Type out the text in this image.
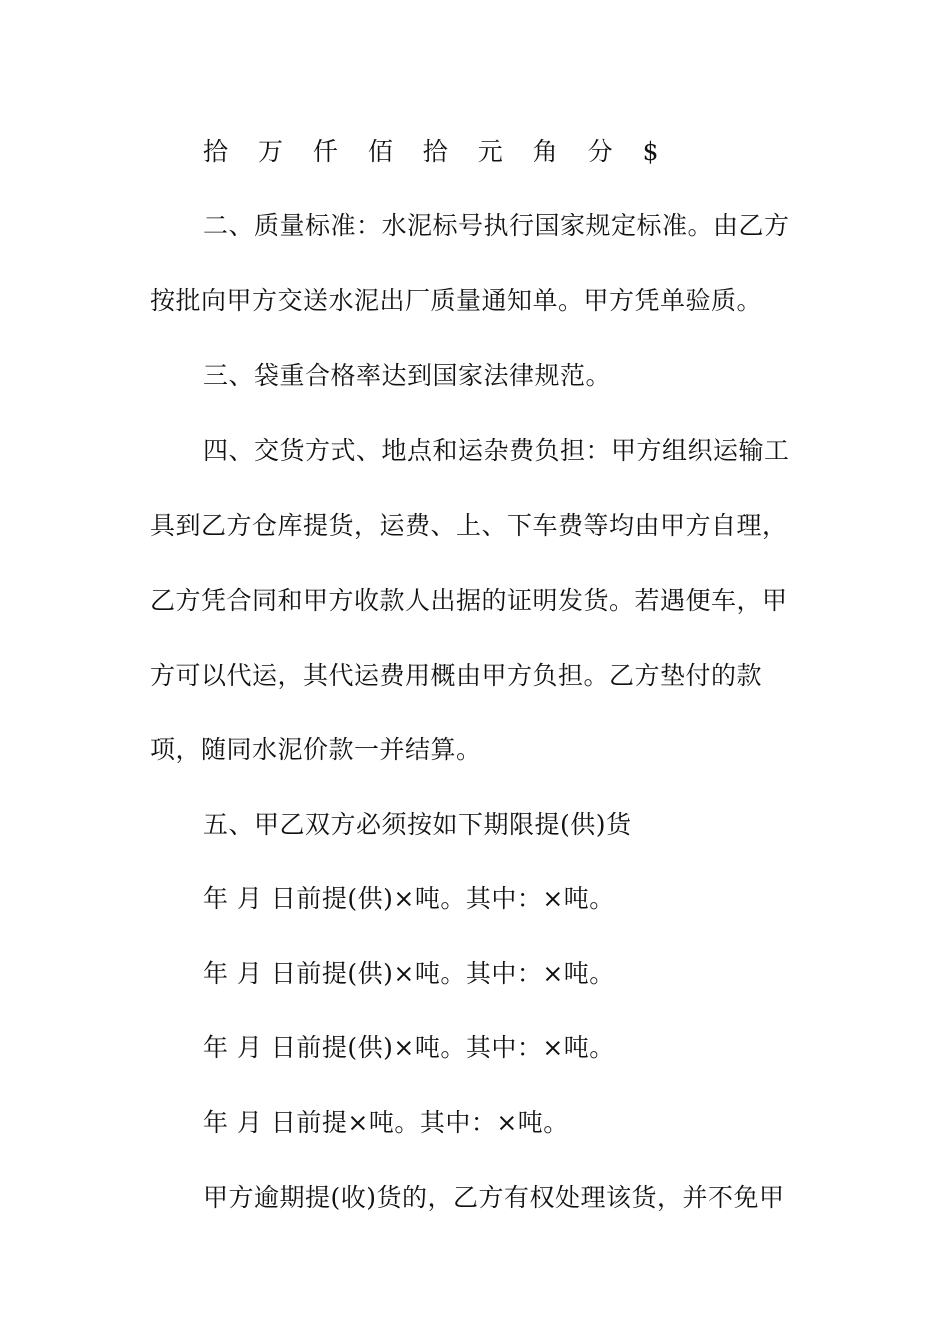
拾 万 仟 佰 拾 元 角 分 $
二、质量标准：水泥标号执行国家规定标准。由乙方
按批向甲方交送水泥出厂质量通知单。甲方凭单验质。
三、袋重合格率达到国家法律规范。
四、交货方式、地点和运杂费负担：甲方组织运输工
具到乙方仓库提货，运费、上、下车费等均由甲方自理，
乙方凭合同和甲方收款人出据的证明发货。若遇便车，甲
方可以代运，其代运费用概由甲方负担。乙方垫付的款
项，随同水泥价款一并结算。
五、甲乙双方必须按如下期限提(供)货
年 月 日前提(供)×吨。其中：×吨。
年 月 日前提(供)×吨。其中：×吨。
年 月 日前提(供)×吨。其中：×吨。
年 月 日前提×吨。其中：×吨。
甲方逾期提(收)货的，乙方有权处理该货，并不免甲
